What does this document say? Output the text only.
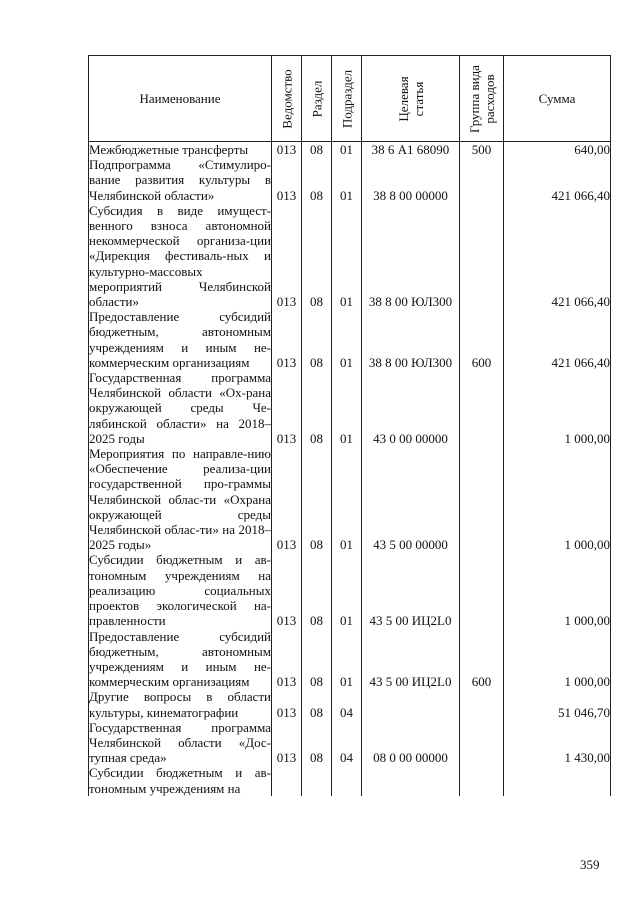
Наименование	Ведомство	Раздел	Подраздел	Целевая статья	Группа вида расходов	Сумма
Межбюджетные трансферты	013	08	01	38 6 А1 68090	500	640,00
Подпрограмма «Стимулиро-вание развития культуры в Челябинской области»	013	08	01	38 8 00 00000		421 066,40
Субсидия в виде имущест-венного взноса автономной некоммерческой организа-ции «Дирекция фестиваль-ных и культурно-массовых мероприятий Челябинской области»	013	08	01	38 8 00 ЮЛ300		421 066,40
Предоставление субсидий бюджетным, автономным учреждениям и иным не-коммерческим организациям	013	08	01	38 8 00 ЮЛ300	600	421 066,40
Государственная программа Челябинской области «Ох-рана окружающей среды Че-лябинской области» на 2018–2025 годы	013	08	01	43 0 00 00000		1 000,00
Мероприятия по направле-нию «Обеспечение реализа-ции государственной про-граммы Челябинской облас-ти «Охрана окружающей среды Челябинской облас-ти» на 2018–2025 годы»	013	08	01	43 5 00 00000		1 000,00
Субсидии бюджетным и ав-тономным учреждениям на реализацию социальных проектов экологической на-правленности	013	08	01	43 5 00 ИЦ2L0		1 000,00
Предоставление субсидий бюджетным, автономным учреждениям и иным не-коммерческим организациям	013	08	01	43 5 00 ИЦ2L0	600	1 000,00
Другие вопросы в области культуры, кинематографии	013	08	04			51 046,70
Государственная программа Челябинской области «Дос-тупная среда»	013	08	04	08 0 00 00000		1 430,00
Субсидии бюджетным и ав-тономным учреждениям на						
359
